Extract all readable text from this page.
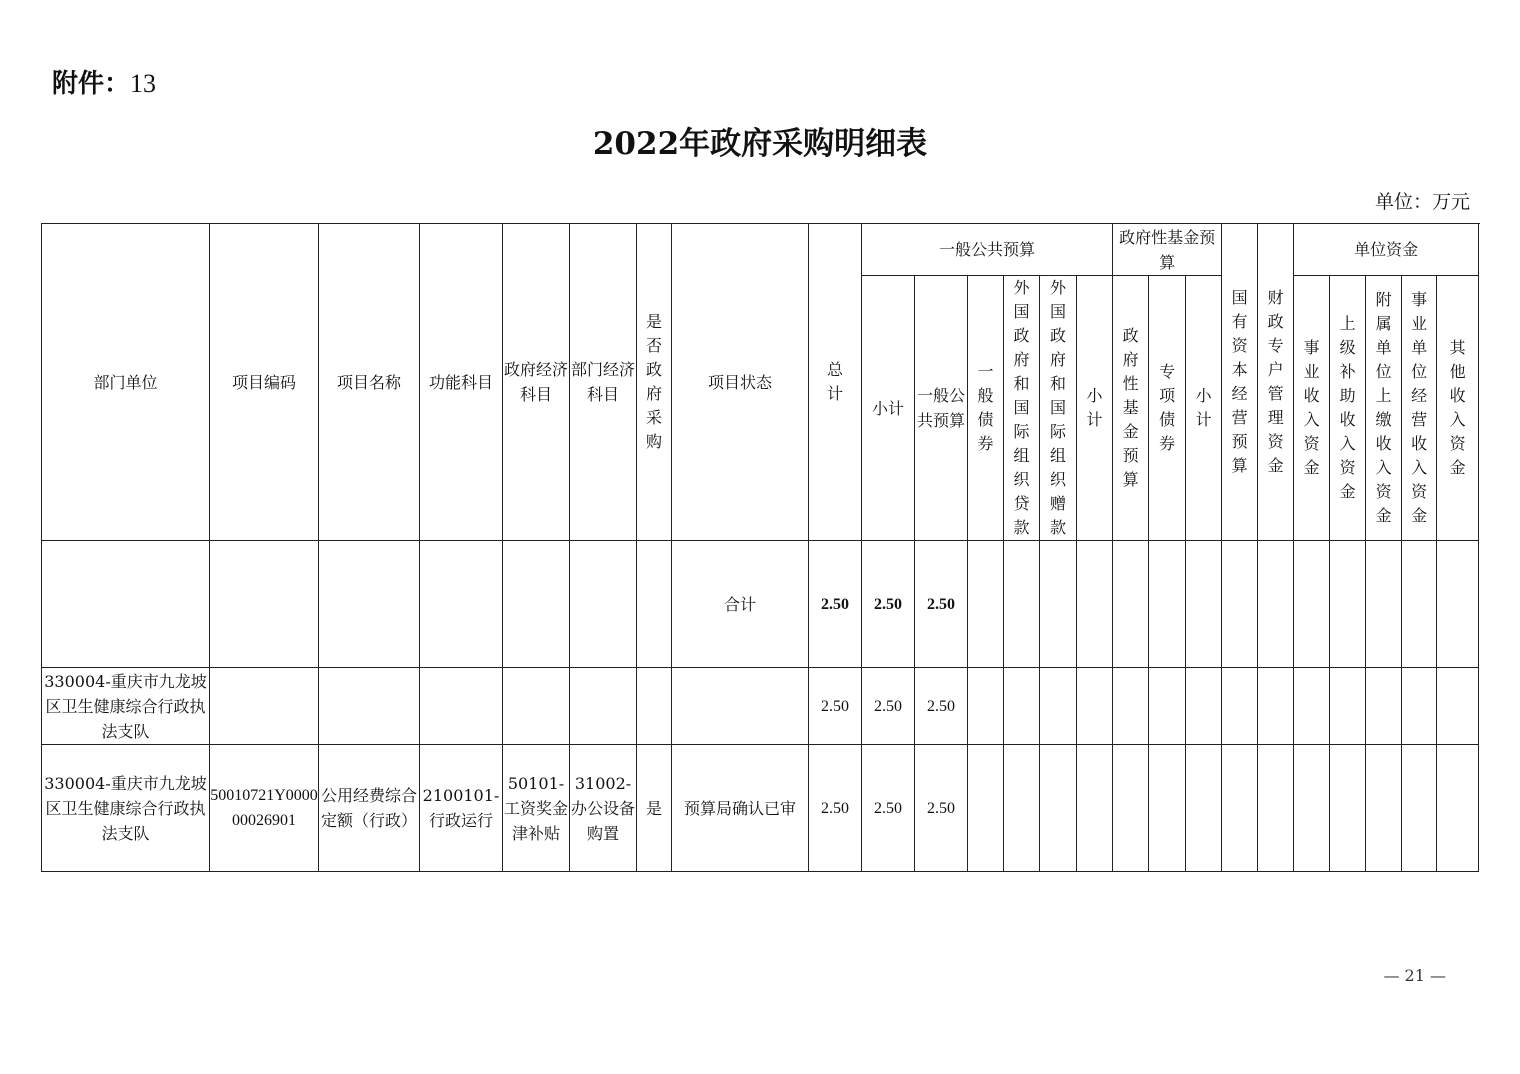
附件：13
2022年政府采购明细表
单位：万元
部门单位	项目编码	项目名称	功能科目	政府经济科目	部门经济科目	是否政府采购	项目状态	总计	一般公共预算						政府性基金预算			国有资本经营预算	财政专户管理资金	单位资金				
									小计	一般公共预算	一般债券	外国政府和国际组织贷款	外国政府和国际组织赠款	小计	政府性基金预算	专项债券	小计			事业收入资金	上级补助收入资金	附属单位上缴收入资金	事业单位经营收入资金	其他收入资金
							合计	2.50	2.50	2.50														
330004-重庆市九龙坡区卫生健康综合行政执法支队								2.50	2.50	2.50														
330004-重庆市九龙坡区卫生健康综合行政执法支队	50010721Y000000026901	公用经费综合定额（行政）	2100101-行政运行	50101-工资奖金津补贴	31002-办公设备购置	是	预算局确认已审	2.50	2.50	2.50														
— 21 —
